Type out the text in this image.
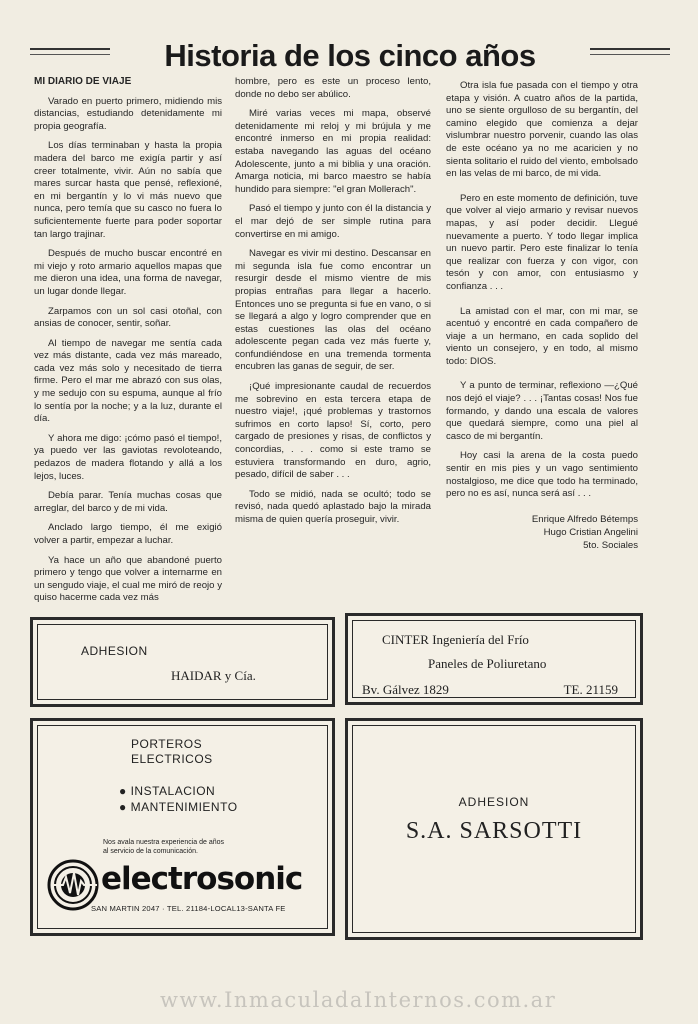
Historia de los cinco años

MI DIARIO DE VIAJE

Varado en puerto primero, midiendo mis distancias, estudiando detenidamente mi propia geografía.

Los días terminaban y hasta la propia madera del barco me exigía partir y así creer totalmente, vivir. Aún no sabía que mares surcar hasta que pensé, reflexioné, en mi bergantín y lo vi más nuevo que nunca, pero temía que su casco no fuera lo suficientemente fuerte para poder soportar tan largo trajinar.

Después de mucho buscar encontré en mi viejo y roto armario aquellos mapas que me dieron una idea, una forma de navegar, un lugar donde llegar.

Zarpamos con un sol casi otoñal, con ansias de conocer, sentir, soñar.

Al tiempo de navegar me sentía cada vez más distante, cada vez más mareado, cada vez más solo y necesitado de tierra firme. Pero el mar me abrazó con sus olas, y me sedujo con su espuma, aunque al frío lo sentía por la noche; y a la luz, durante el día.

Y ahora me digo: ¡cómo pasó el tiempo!, ya puedo ver las gaviotas revoloteando, pedazos de madera flotando y allá a los lejos, luces.

Debía parar. Tenía muchas cosas que arreglar, del barco y de mi vida.

Anclado largo tiempo, él me exigió volver a partir, empezar a luchar.

Ya hace un año que abandoné puerto primero y tengo que volver a internarme en un sengudo viaje, el cual me miró de reojo y quiso hacerme cada vez más

hombre, pero es este un proceso lento, donde no debo ser abúlico.

Miré varias veces mi mapa, observé detenidamente mi reloj y mi brújula y me encontré inmerso en mi propia realidad: estaba navegando las aguas del océano Adolescente, junto a mi biblia y una oración. Amarga noticia, mi barco maestro se había hundido para siempre: "el gran Mollerach".

Pasó el tiempo y junto con él la distancia y el mar dejó de ser simple rutina para convertirse en mi amigo.

Navegar es vivir mi destino. Descansar en mi segunda isla fue como encontrar un resurgir desde el mismo vientre de mis propias entrañas para llegar a hacerlo. Entonces uno se pregunta si fue en vano, o si se llegará a algo y logro comprender que en estas cuestiones las olas del océano adolescente pegan cada vez más fuerte y, confundiéndose en una tremenda tormenta encubren las ganas de seguir, de ser.

¡Qué impresionante caudal de recuerdos me sobrevino en esta tercera etapa de nuestro viaje!, ¡qué problemas y trastornos sufrimos en corto lapso! Sí, corto, pero cargado de presiones y risas, de conflictos y concordias, . . . como si este tramo se estuviera transformando en duro, agrio, pesado, difícil de saber . . .

Todo se midió, nada se ocultó; todo se revisó, nada quedó aplastado bajo la mirada misma de quien quería proseguir, vivir.

Otra isla fue pasada con el tiempo y otra etapa y visión. A cuatro años de la partida, uno se siente orgulloso de su bergantín, del camino elegido que comienza a dejar vislumbrar nuestro porvenir, cuando las olas de este océano ya no me acaricien y no sienta solitario el ruido del viento, embolsado en las velas de mi barco, de mi vida.

Pero en este momento de definición, tuve que volver al viejo armario y revisar nuevos mapas, y así poder decidir. Llegué nuevamente a puerto. Y todo llegar implica un nuevo partir. Pero este finalizar lo tenía que realizar con fuerza y con vigor, con tesón y con amor, con entusiasmo y confianza . . .

La amistad con el mar, con mi mar, se acentuó y encontré en cada compañero de viaje a un hermano, en cada soplido del viento un consejero, y en todo, al mismo todo: DIOS.

Y a punto de terminar, reflexiono —¿Qué nos dejó el viaje? . . . ¡Tantas cosas! Nos fue formando, y dando una escala de valores que quedará siempre, como una piel al casco de mi bergantín.

Hoy casi la arena de la costa puedo sentir en mis pies y un vago sentimiento nostalgioso, me dice que todo ha terminado, pero no es así, nunca será así . . .

Enrique Alfredo Bétemps
Hugo Cristian Angelini
5to. Sociales
ADHESION
HAIDAR y Cía.
CINTER Ingeniería del Frío
Paneles de Poliuretano
Bv. Gálvez 1829	TE. 21159
PORTEROS
ELECTRICOS
● INSTALACION
● MANTENIMIENTO
Nos avala nuestra experiencia de años
al servicio de la comunicación.
electrosonic
SAN MARTIN 2047 · TEL. 21184-LOCAL13-SANTA FE
ADHESION
S.A. SARSOTTI
www.InmaculadaInternos.com.ar
